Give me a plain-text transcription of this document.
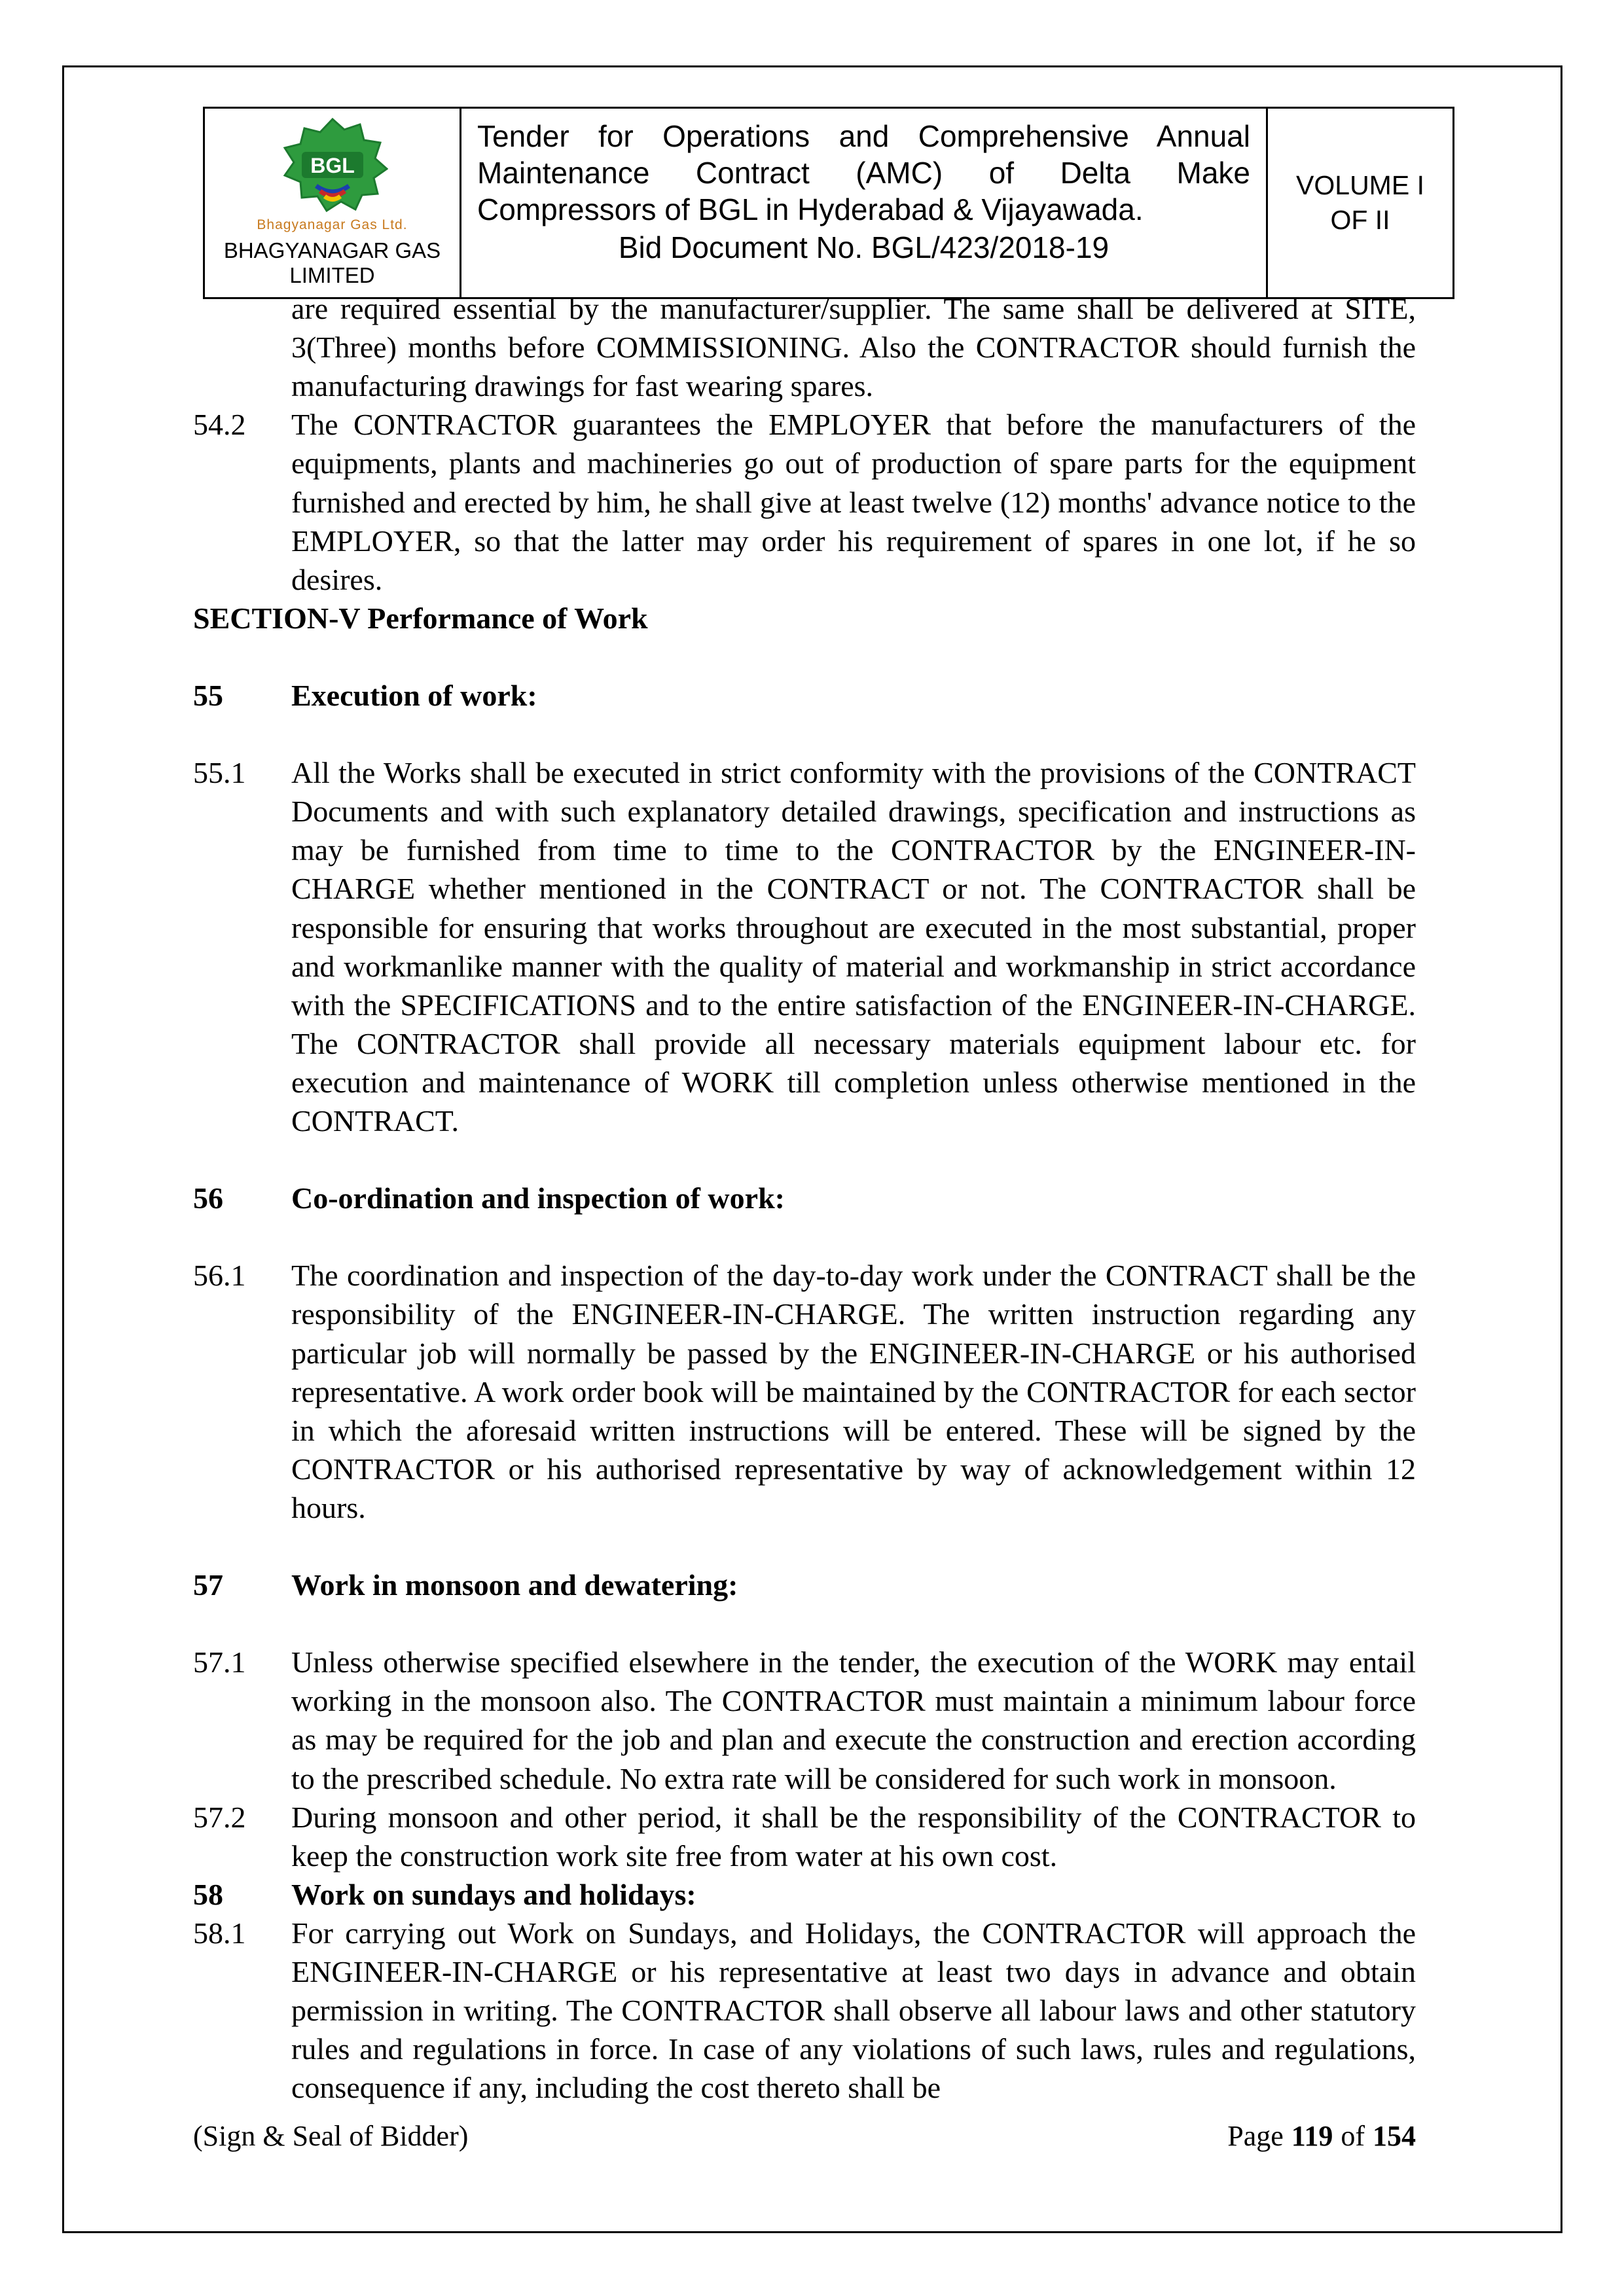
BGL
Bhagyanagar Gas Ltd.
BHAGYANAGAR GAS
LIMITED
Tender for Operations and Comprehensive Annual
Maintenance Contract (AMC) of Delta Make
Compressors of BGL in Hyderabad & Vijayawada.
Bid Document No. BGL/423/2018-19
VOLUME I
OF II
are required essential by the manufacturer/supplier. The same shall be delivered at SITE, 3(Three) months before COMMISSIONING. Also the CONTRACTOR should furnish the manufacturing drawings for fast wearing spares.
54.2	The CONTRACTOR guarantees the EMPLOYER that before the manufacturers of the equipments, plants and machineries go out of production of spare parts for the equipment furnished and erected by him, he shall give at least twelve (12) months' advance notice to the EMPLOYER, so that the latter may order his requirement of spares in one lot, if he so desires.
SECTION-V Performance of Work
55	Execution of work:
55.1	All the Works shall be executed in strict conformity with the provisions of the CONTRACT Documents and with such explanatory detailed drawings, specification and instructions as may be furnished from time to time to the CONTRACTOR by the ENGINEER-IN-CHARGE whether mentioned in the CONTRACT or not. The CONTRACTOR shall be responsible for ensuring that works throughout are executed in the most substantial, proper and workmanlike manner with the quality of material and workmanship in strict accordance with the SPECIFICATIONS and to the entire satisfaction of the ENGINEER-IN-CHARGE. The CONTRACTOR shall provide all necessary materials equipment labour etc. for execution and maintenance of WORK till completion unless otherwise mentioned in the CONTRACT.
56	Co-ordination and inspection of work:
56.1	The coordination and inspection of the day-to-day work under the CONTRACT shall be the responsibility of the ENGINEER-IN-CHARGE. The written instruction regarding any particular job will normally be passed by the ENGINEER-IN-CHARGE or his authorised representative. A work order book will be maintained by the CONTRACTOR for each sector in which the aforesaid written instructions will be entered. These will be signed by the CONTRACTOR or his authorised representative by way of acknowledgement within 12 hours.
57	Work in monsoon and dewatering:
57.1	Unless otherwise specified elsewhere in the tender, the execution of the WORK may entail working in the monsoon also. The CONTRACTOR must maintain a minimum labour force as may be required for the job and plan and execute the construction and erection according to the prescribed schedule. No extra rate will be considered for such work in monsoon.
57.2	During monsoon and other period, it shall be the responsibility of the CONTRACTOR to keep the construction work site free from water at his own cost.
58	Work on sundays and holidays:
58.1	For carrying out Work on Sundays, and Holidays, the CONTRACTOR will approach the ENGINEER-IN-CHARGE or his representative at least two days in advance and obtain permission in writing. The CONTRACTOR shall observe all labour laws and other statutory rules and regulations in force. In case of any violations of such laws, rules and regulations, consequence if any, including the cost thereto shall be
(Sign & Seal of Bidder)	Page 119 of 154
